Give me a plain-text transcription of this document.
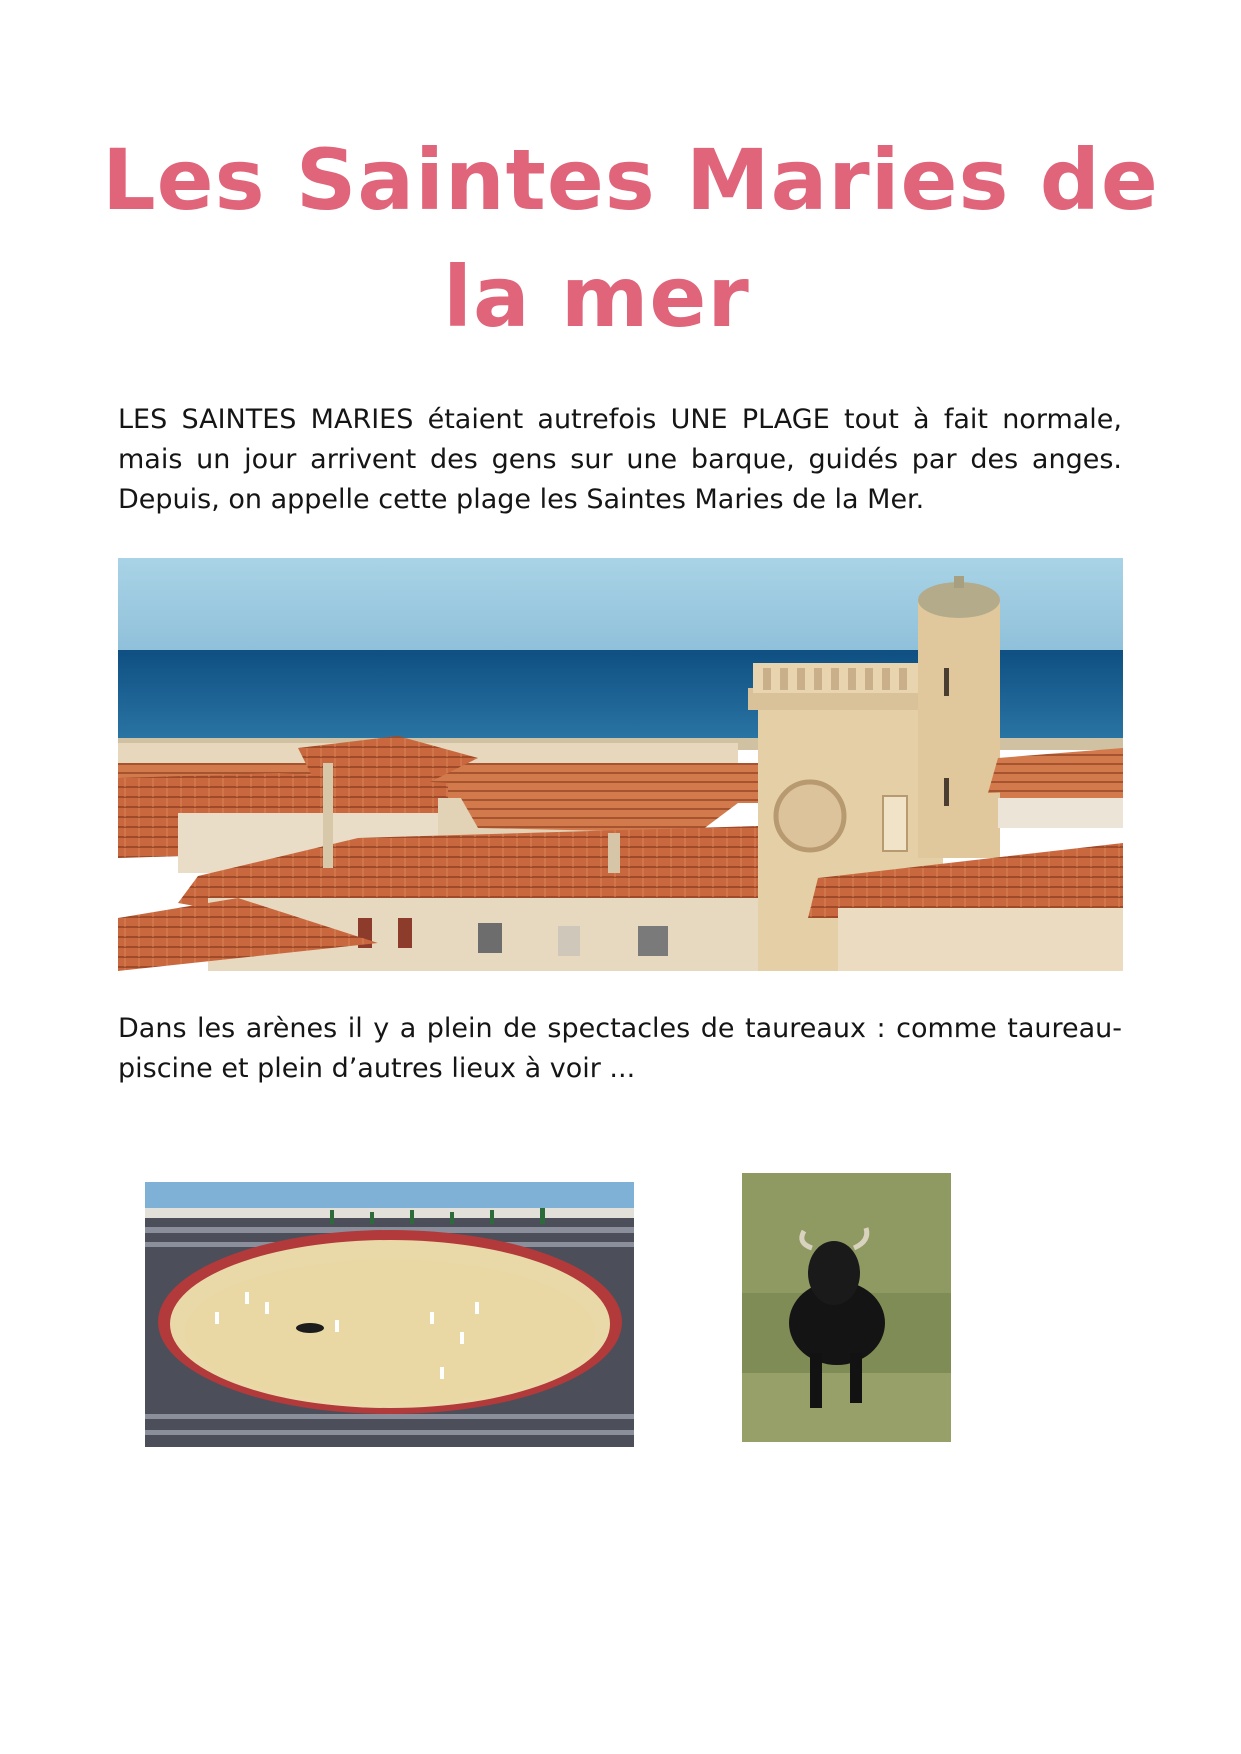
Les Saintes Maries de
la mer

LES SAINTES MARIES étaient autrefois UNE PLAGE tout à fait normale, mais un jour arrivent des gens sur une barque, guidés par des anges. Depuis, on appelle cette plage les Saintes Maries de la Mer.

Dans les arènes il y a plein de spectacles de taureaux : comme taureau-piscine et plein d’autres lieux à voir ...
